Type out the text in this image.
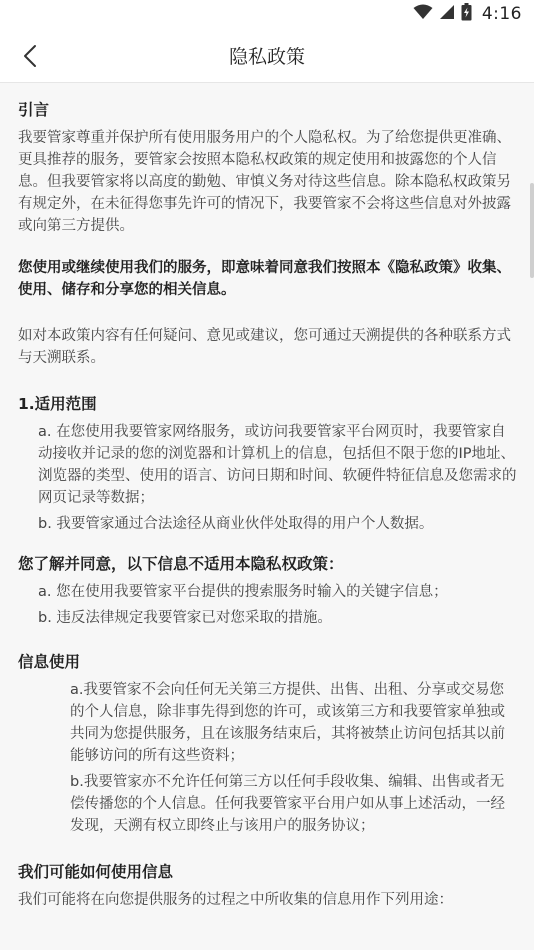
4:16
隐私政策
引言

我要管家尊重并保护所有使用服务用户的个人隐私权。为了给您提供更准确、更具推荐的服务，要管家会按照本隐私权政策的规定使用和披露您的个人信息。但我要管家将以高度的勤勉、审慎义务对待这些信息。除本隐私权政策另有规定外，在未征得您事先许可的情况下，我要管家不会将这些信息对外披露或向第三方提供。

您使用或继续使用我们的服务，即意味着同意我们按照本《隐私政策》收集、使用、储存和分享您的相关信息。

如对本政策内容有任何疑问、意见或建议，您可通过天溯提供的各种联系方式与天溯联系。

1.适用范围

a. 在您使用我要管家网络服务，或访问我要管家平台网页时，我要管家自动接收并记录的您的浏览器和计算机上的信息，包括但不限于您的IP地址、浏览器的类型、使用的语言、访问日期和时间、软硬件特征信息及您需求的网页记录等数据；

b. 我要管家通过合法途径从商业伙伴处取得的用户个人数据。

您了解并同意，以下信息不适用本隐私权政策：

a. 您在使用我要管家平台提供的搜索服务时输入的关键字信息；

b. 违反法律规定我要管家已对您采取的措施。

信息使用

a.我要管家不会向任何无关第三方提供、出售、出租、分享或交易您的个人信息，除非事先得到您的许可，或该第三方和我要管家单独或共同为您提供服务，且在该服务结束后，其将被禁止访问包括其以前能够访问的所有这些资料；

b.我要管家亦不允许任何第三方以任何手段收集、编辑、出售或者无偿传播您的个人信息。任何我要管家平台用户如从事上述活动，一经发现，天溯有权立即终止与该用户的服务协议；

我们可能如何使用信息

我们可能将在向您提供服务的过程之中所收集的信息用作下列用途：
